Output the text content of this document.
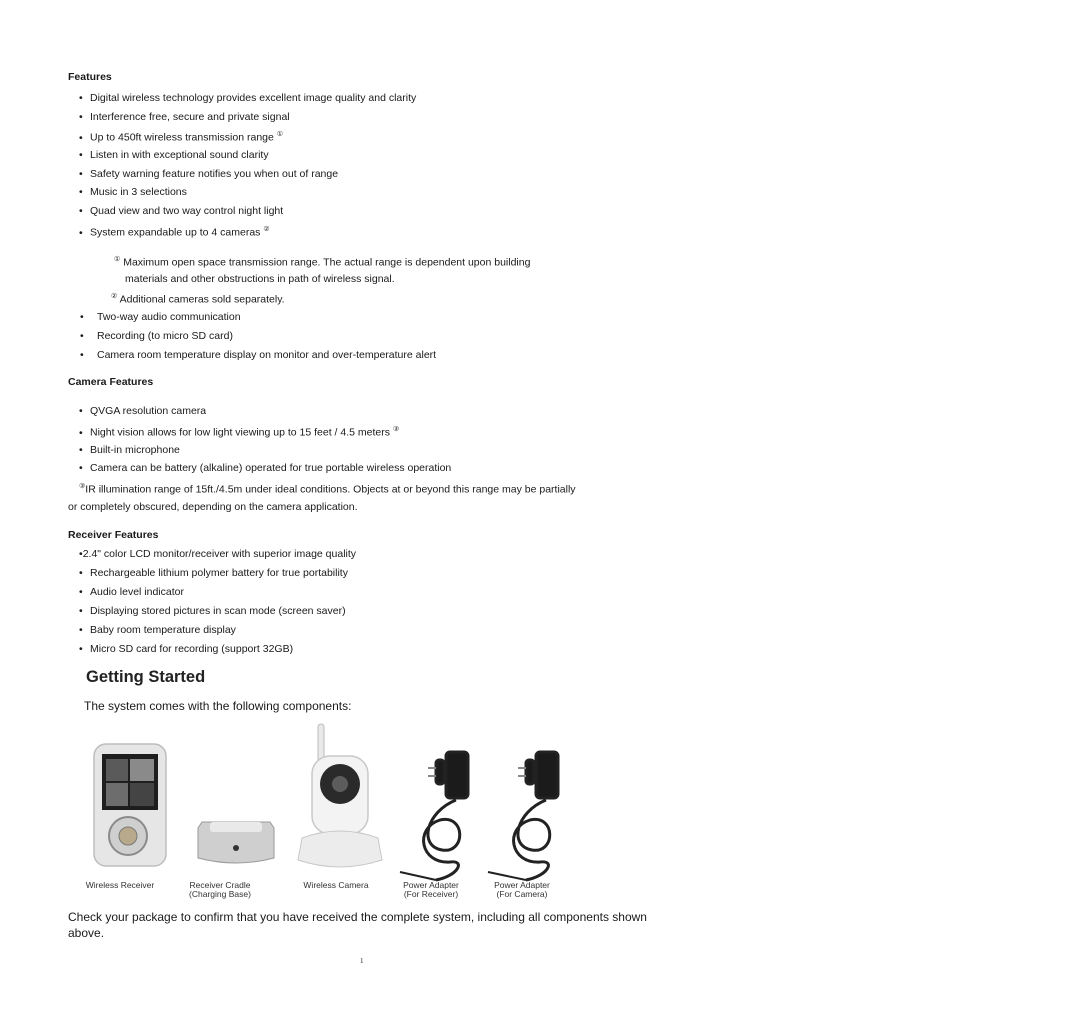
Features
• Digital wireless technology provides excellent image quality and clarity
• Interference free, secure and private signal
• Up to 450ft wireless transmission range ①
• Listen in with exceptional sound clarity
• Safety warning feature notifies you when out of range
• Music in 3 selections
• Quad view and two way control night light
• System expandable up to 4 cameras ②
① Maximum open space transmission range. The actual range is dependent upon building
materials and other obstructions in path of wireless signal.
② Additional cameras sold separately.
• Two-way audio communication
• Recording (to micro SD card)
• Camera room temperature display on monitor and over-temperature alert
Camera Features
• QVGA resolution camera
• Night vision allows for low light viewing up to 15 feet / 4.5 meters ③
• Built-in microphone
• Camera can be battery (alkaline) operated for true portable wireless operation
③IR illumination range of 15ft./4.5m under ideal conditions. Objects at or beyond this range may be partially
or completely obscured, depending on the camera application.
Receiver Features
•2.4" color LCD monitor/receiver with superior image quality
• Rechargeable lithium polymer battery for true portability
• Audio level indicator
• Displaying stored pictures in scan mode (screen saver)
• Baby room temperature display
• Micro SD card for recording (support 32GB)
Getting Started
The system comes with the following components:
Wireless Receiver	Receiver Cradle
(Charging Base)
Wireless Camera	Power Adapter
(For Receiver)
Power Adapter
(For Camera)
Check your package to confirm that you have received the complete system, including all components shown above.
1
